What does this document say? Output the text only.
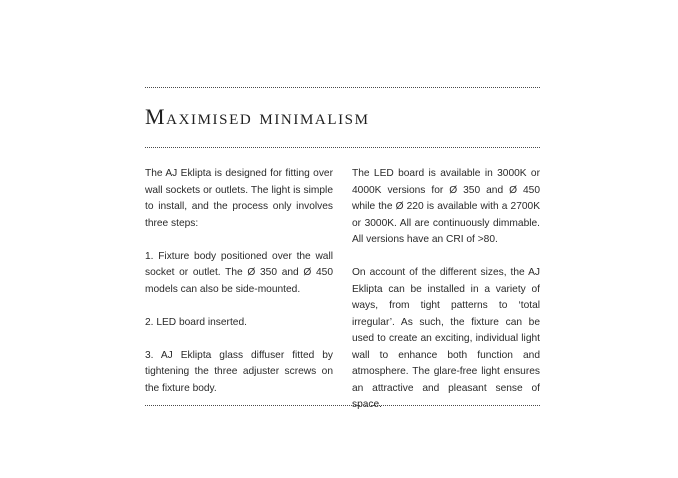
Maximised minimalism

The AJ Eklipta is designed for fitting over wall sockets or outlets. The light is simple to install, and the process only involves three steps:

1. Fixture body positioned over the wall socket or outlet. The Ø 350 and Ø 450 models can also be side-mounted.

2. LED board inserted.

3. AJ Eklipta glass diffuser fitted by tightening the three adjuster screws on the fixture body.

The LED board is available in 3000K or 4000K versions for Ø 350 and Ø 450 while the Ø 220 is available with a 2700K or 3000K. All are continuously dimmable. All versions have an CRI of >80.

On account of the different sizes, the AJ Eklipta can be installed in a variety of ways, from tight patterns to ‘total irregular’. As such, the fixture can be used to create an exciting, individual light wall to enhance both function and atmosphere. The glare-free light ensures an attractive and pleasant sense of space.
